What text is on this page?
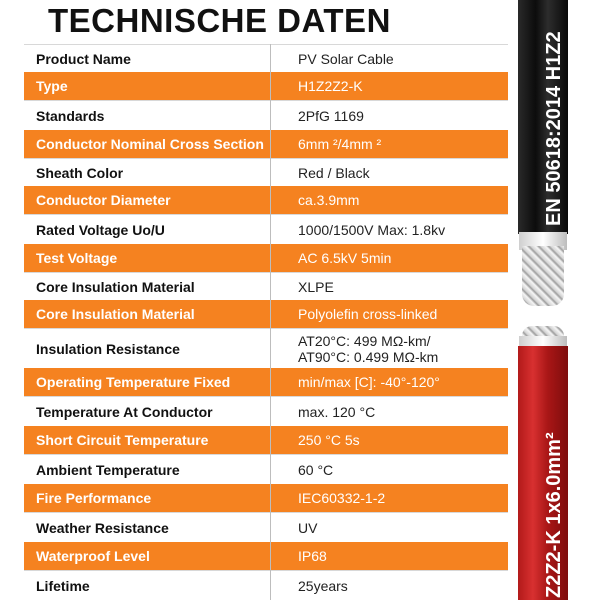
TECHNISCHE DATEN
Product Name	PV Solar Cable
Type	H1Z2Z2-K
Standards	2PfG 1169
Conductor Nominal Cross Section	6mm ²/4mm ²
Sheath Color	Red / Black
Conductor Diameter	ca.3.9mm
Rated Voltage Uo/U	1000/1500V Max: 1.8kv
Test Voltage	AC 6.5kV 5min
Core Insulation Material	XLPE
Core Insulation Material	Polyolefin cross-linked
Insulation Resistance	AT20°C: 499 MΩ-km/
AT90°C: 0.499 MΩ-km
Operating Temperature Fixed	min/max [C]: -40°-120°
Temperature At Conductor	max. 120 °C
Short Circuit Temperature	250 °C 5s
Ambient Temperature	60 °C
Fire Performance	IEC60332-1-2
Weather Resistance	UV
Waterproof Level	IP68
Lifetime	25years
EN 50618:2014 H1Z2
Z2Z2-K 1x6.0mm²
